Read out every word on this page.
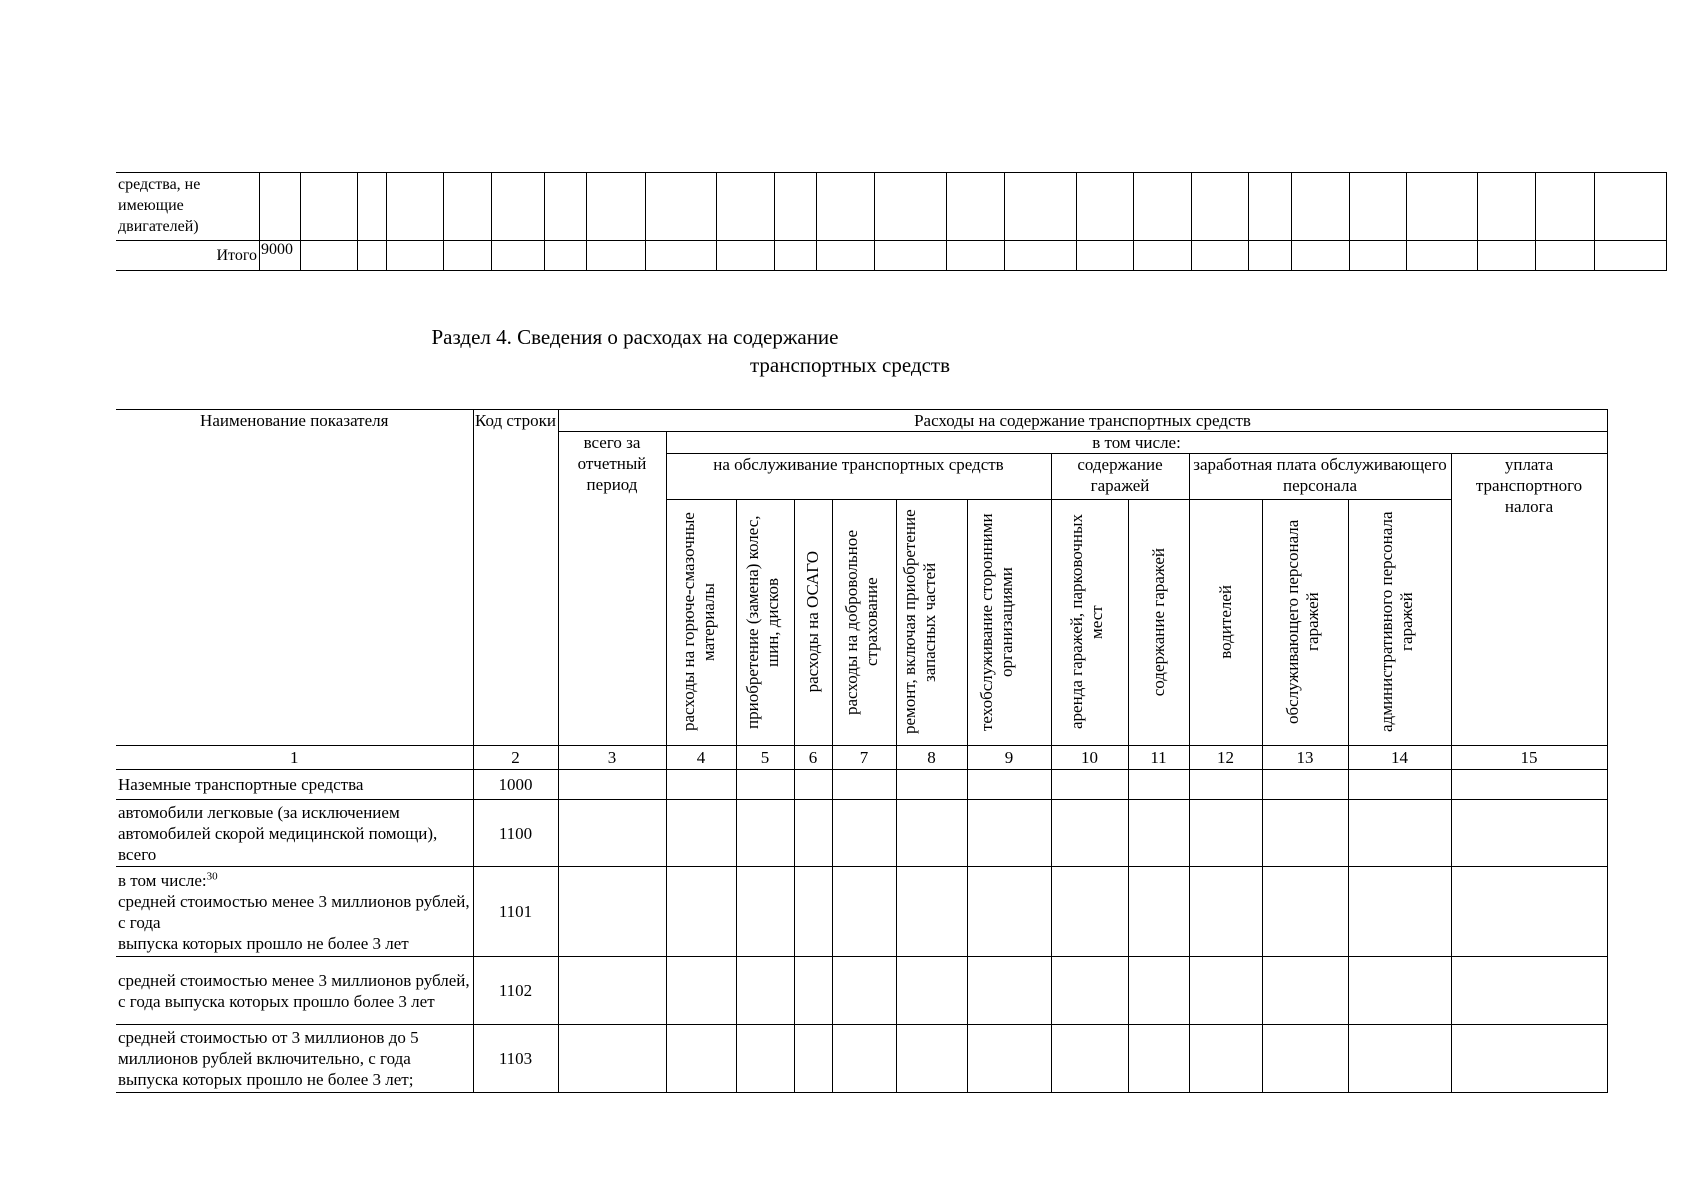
средства, не имеющие двигателей)																									
Итого	9000																								
Раздел 4. Сведения о расходах на содержание
транспортных средств
Наименование показателя	Код строки	Расходы на содержание транспортных средств												
		всего за отчетный период	в том числе:											
			на обслуживание транспортных средств						содержание гаражей		заработная плата обслуживающего персонала			уплата транспортного налога

			расходы на горюче-смазочные материалы	приобретение (замена) колес, шин, дисков	расходы на ОСАГО	расходы на добровольное страхование	ремонт, включая приобретение запасных частей	техобслуживание сторонними организациями	аренда гаражей, парковочных мест	содержание гаражей	водителей	обслуживающего персонала гаражей	административного персонала гаражей	

1	2	3	4	5	6	7	8	9	10	11	12	13	14	15
Наземные транспортные средства	1000													
автомобили легковые (за исключением автомобилей скорой медицинской помощи), всего	1100													
в том числе:$^{30}$
средней стоимостью менее 3 миллионов рублей, с года
выпуска которых прошло не более 3 лет	1101													
средней стоимостью менее 3 миллионов рублей, с года выпуска которых прошло более 3 лет	1102													
средней стоимостью от 3 миллионов до 5 миллионов рублей включительно, с года выпуска которых прошло не более 3 лет;	1103													
